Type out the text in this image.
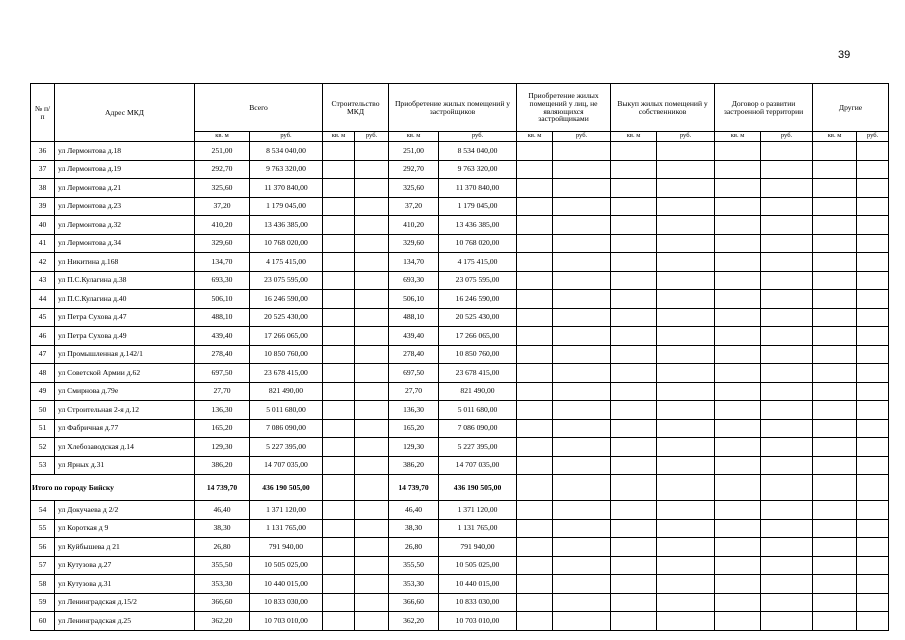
39
№ п/п	Адрес МКД	Всего		Строительство МКД		Приобретение жилых помещений у застройщиков		Приобретение жилых помещений у лиц, не являющихся застройщиками		Выкуп жилых помещений у собственников		Договор о развитии застроенной территории		Другие	
		кв. м	руб.	кв. м	руб.	кв. м	руб.	кв. м	руб.	кв. м	руб.	кв. м	руб.	кв. м	руб.
36	ул Лермонтова д.18	251,00	8 534 040,00			251,00	8 534 040,00								
37	ул Лермонтова д.19	292,70	9 763 320,00			292,70	9 763 320,00								
38	ул Лермонтова д.21	325,60	11 370 840,00			325,60	11 370 840,00								
39	ул Лермонтова д.23	37,20	1 179 045,00			37,20	1 179 045,00								
40	ул Лермонтова д.32	410,20	13 436 385,00			410,20	13 436 385,00								
41	ул Лермонтова д.34	329,60	10 768 020,00			329,60	10 768 020,00								
42	ул Никитина д.168	134,70	4 175 415,00			134,70	4 175 415,00								
43	ул П.С.Кулагина д.38	693,30	23 075 595,00			693,30	23 075 595,00								
44	ул П.С.Кулагина д.40	506,10	16 246 590,00			506,10	16 246 590,00								
45	ул Петра Сухова д.47	488,10	20 525 430,00			488,10	20 525 430,00								
46	ул Петра Сухова д.49	439,40	17 266 065,00			439,40	17 266 065,00								
47	ул Промышленная д.142/1	278,40	10 850 760,00			278,40	10 850 760,00								
48	ул Советской Армии д.62	697,50	23 678 415,00			697,50	23 678 415,00								
49	ул Смирнова д.79е	27,70	821 490,00			27,70	821 490,00								
50	ул Строительная 2-я д.12	136,30	5 011 680,00			136,30	5 011 680,00								
51	ул Фабричная д.77	165,20	7 086 090,00			165,20	7 086 090,00								
52	ул Хлебозаводская д.14	129,30	5 227 395,00			129,30	5 227 395,00								
53	ул Ярных д.31	386,20	14 707 035,00			386,20	14 707 035,00								
Итого по городу Бийску		14 739,70	436 190 505,00			14 739,70	436 190 505,00								
54	ул Докучаева д 2/2	46,40	1 371 120,00			46,40	1 371 120,00								
55	ул Короткая д 9	38,30	1 131 765,00			38,30	1 131 765,00								
56	ул Куйбышева д 21	26,80	791 940,00			26,80	791 940,00								
57	ул Кутузова д.27	355,50	10 505 025,00			355,50	10 505 025,00								
58	ул Кутузова д.31	353,30	10 440 015,00			353,30	10 440 015,00								
59	ул Ленинградская д.15/2	366,60	10 833 030,00			366,60	10 833 030,00								
60	ул Ленинградская д.25	362,20	10 703 010,00			362,20	10 703 010,00								
